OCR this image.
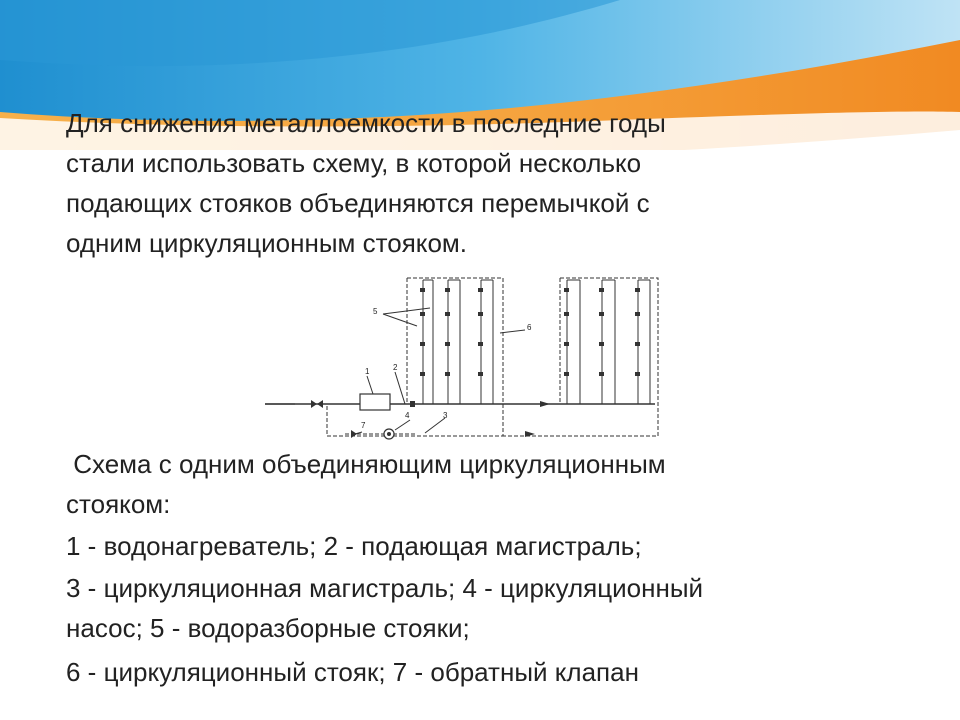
Для снижения металлоемкости в последние годы
стали использовать схему, в которой несколько
подающих стояков объединяются перемычкой с
одним циркуляционным стояком.
5
6
1	2
4	3
7
Схема с одним объединяющим циркуляционным
стояком:
1 - водонагреватель; 2 - подающая магистраль;
3 - циркуляционная магистраль; 4 - циркуляционный
насос; 5 - водоразборные стояки;
6 - циркуляционный стояк; 7 - обратный клапан
